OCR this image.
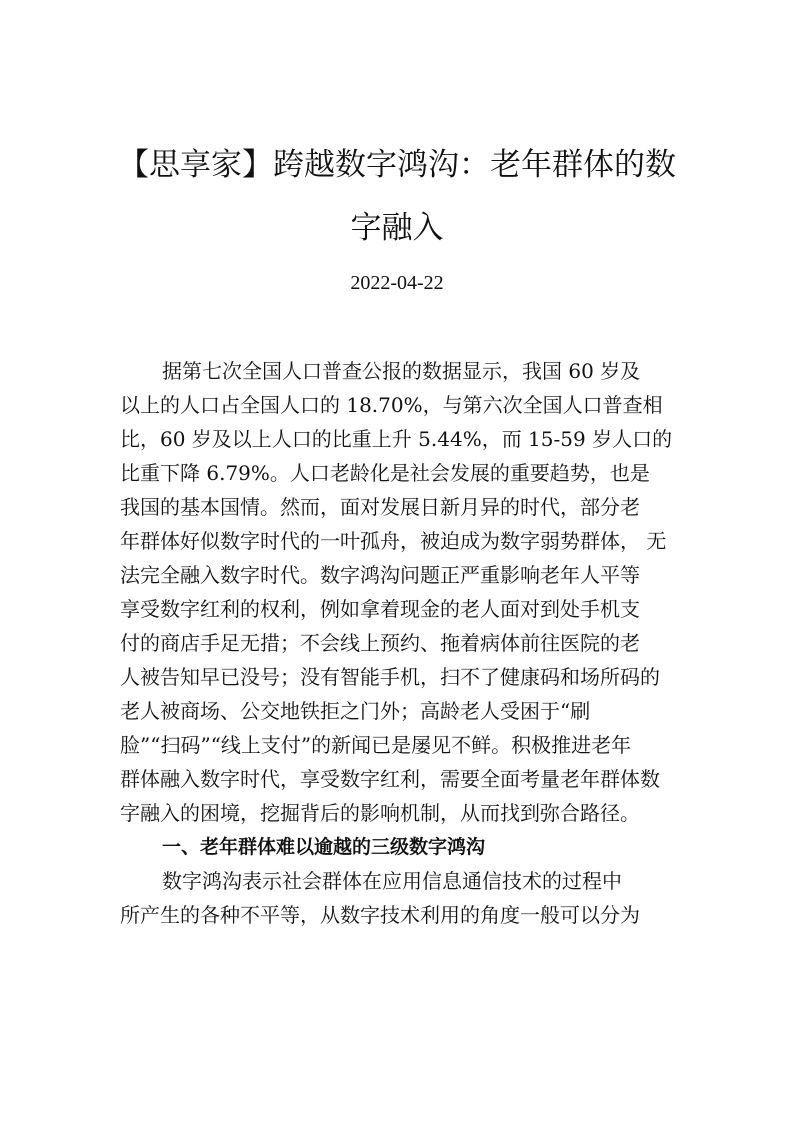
【思享家】跨越数字鸿沟：老年群体的数
字融入
2022-04-22
据第七次全国人口普查公报的数据显示，我国 60 岁及
以上的人口占全国人口的 18.70%，与第六次全国人口普查相
比，60 岁及以上人口的比重上升 5.44%，而 15-59 岁人口的
比重下降 6.79%。人口老龄化是社会发展的重要趋势，也是
我国的基本国情。然而，面对发展日新月异的时代，部分老
年群体好似数字时代的一叶孤舟，被迫成为数字弱势群体， 无
法完全融入数字时代。数字鸿沟问题正严重影响老年人平等
享受数字红利的权利，例如拿着现金的老人面对到处手机支
付的商店手足无措；不会线上预约、拖着病体前往医院的老
人被告知早已没号；没有智能手机，扫不了健康码和场所码的
老人被商场、公交地铁拒之门外；高龄老人受困于“刷
脸”“扫码”“线上支付”的新闻已是屡见不鲜。积极推进老年
群体融入数字时代，享受数字红利，需要全面考量老年群体数
字融入的困境，挖掘背后的影响机制，从而找到弥合路径。
一、老年群体难以逾越的三级数字鸿沟
数字鸿沟表示社会群体在应用信息通信技术的过程中
所产生的各种不平等，从数字技术利用的角度一般可以分为
